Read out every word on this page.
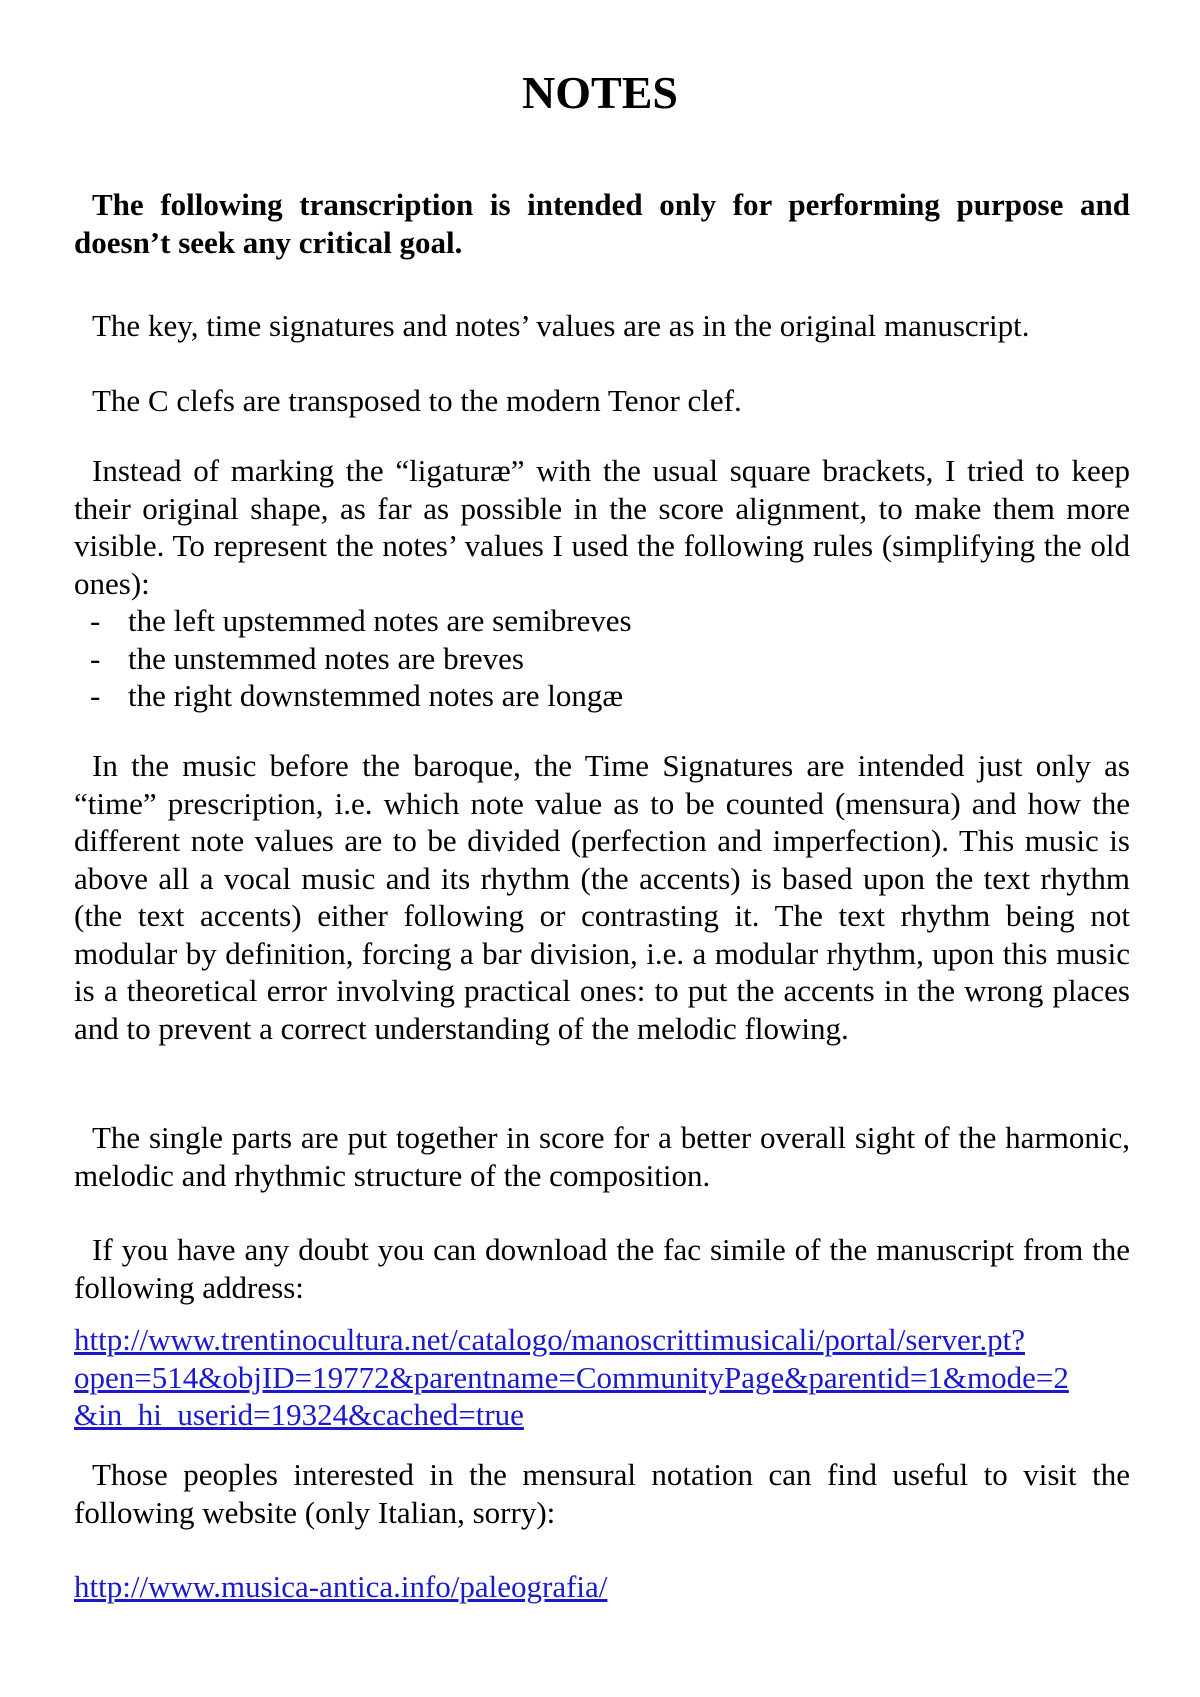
NOTES

The following transcription is intended only for performing purpose and doesn’t seek any critical goal.

The key, time signatures and notes’ values are as in the original manuscript.

The C clefs are transposed to the modern Tenor clef.

Instead of marking the “ligaturæ” with the usual square brackets, I tried to keep their original shape, as far as possible in the score alignment, to make them more visible. To represent the notes’ values I used the following rules (simplifying the old ones):

- the left upstemmed notes are semibreves
- the unstemmed notes are breves
- the right downstemmed notes are longæ

In the music before the baroque, the Time Signatures are intended just only as “time” prescription, i.e. which note value as to be counted (mensura) and how the different note values are to be divided (perfection and imperfection). This music is above all a vocal music and its rhythm (the accents) is based upon the text rhythm (the text accents) either following or contrasting it. The text rhythm being not modular by definition, forcing a bar division, i.e. a modular rhythm, upon this music is a theoretical error involving practical ones: to put the accents in the wrong places and to prevent a correct understanding of the melodic flowing.

The single parts are put together in score for a better overall sight of the harmonic, melodic and rhythmic structure of the composition.

If you have any doubt you can download the fac simile of the manuscript from the following address:

http://www.trentinocultura.net/catalogo/manoscrittimusicali/portal/server.pt?
open=514&objID=19772&parentname=CommunityPage&parentid=1&mode=2
&in_hi_userid=19324&cached=true

Those peoples interested in the mensural notation can find useful to visit the following website (only Italian, sorry):

http://www.musica-antica.info/paleografia/
